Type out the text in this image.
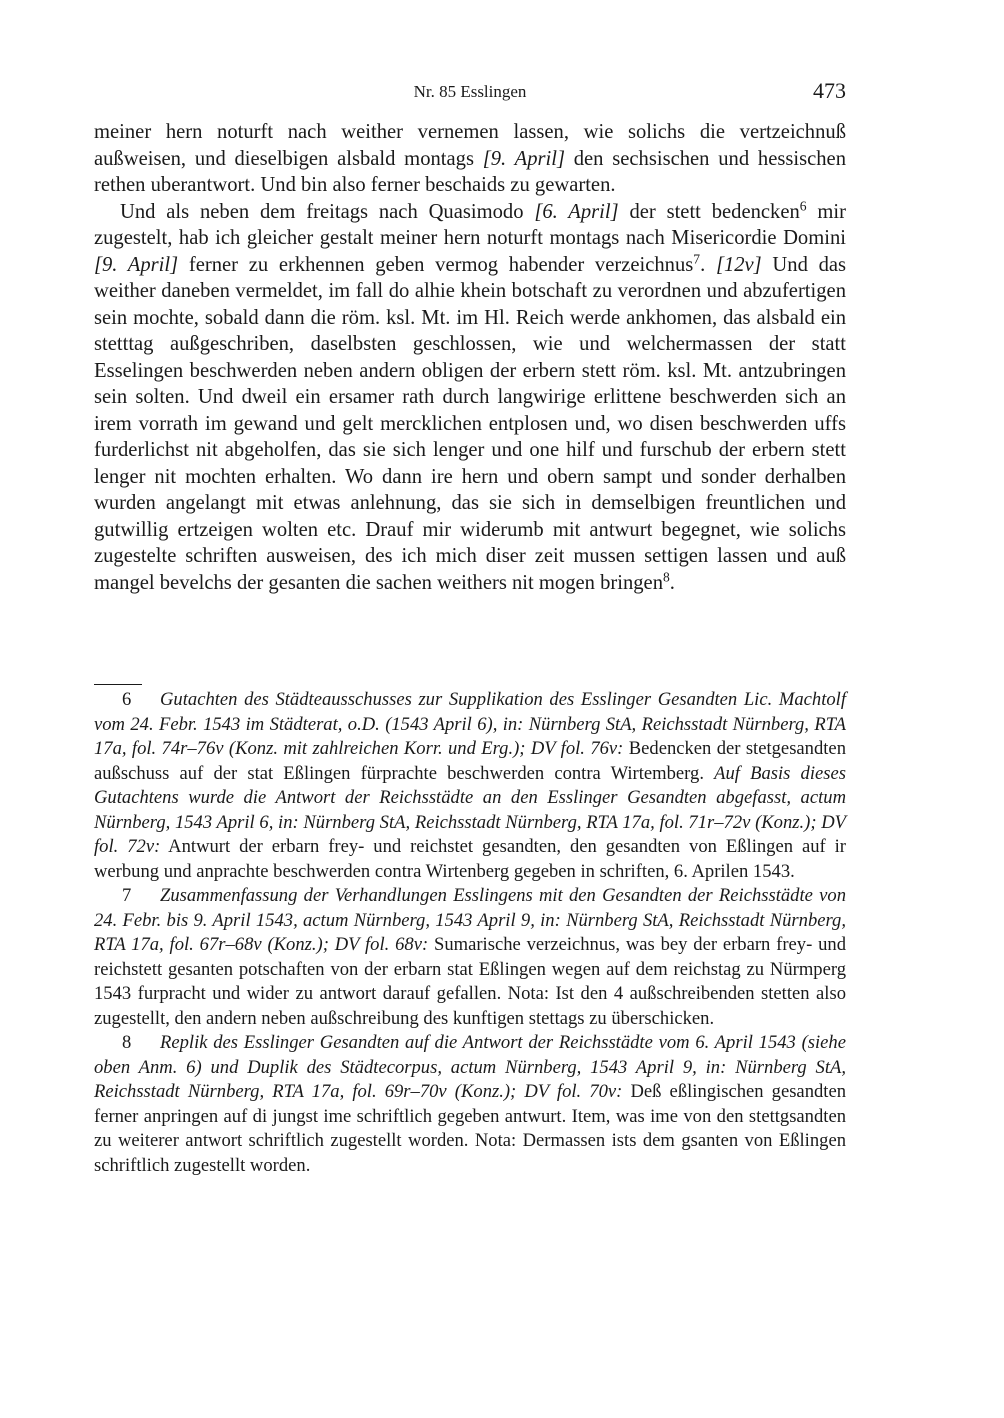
Nr. 85 Esslingen	473

meiner hern noturft nach weither vernemen lassen, wie solichs die vertzeichnuß außweisen, und dieselbigen alsbald montags [9. April] den sechsischen und hessischen rethen uberantwort. Und bin also ferner beschaids zu gewarten.

Und als neben dem freitags nach Quasimodo [6. April] der stett bedencken$^6$ mir zugestelt, hab ich gleicher gestalt meiner hern noturft montags nach Misericordie Domini [9. April] ferner zu erkhennen geben vermog habender verzeichnus$^7$. [12v] Und das weither daneben vermeldet, im fall do alhie khein botschaft zu verordnen und abzufertigen sein mochte, sobald dann die röm. ksl. Mt. im Hl. Reich werde ankhomen, das alsbald ein stetttag außgeschriben, daselbsten geschlossen, wie und welchermassen der statt Esselingen beschwerden neben andern obligen der erbern stett röm. ksl. Mt. antzubringen sein solten. Und dweil ein ersamer rath durch langwirige erlittene beschwerden sich an irem vorrath im gewand und gelt mercklichen entplosen und, wo disen beschwerden uffs furderlichst nit abgeholfen, das sie sich lenger und one hilf und furschub der erbern stett lenger nit mochten erhalten. Wo dann ire hern und obern sampt und sonder derhalben wurden angelangt mit etwas anlehnung, das sie sich in demselbigen freuntlichen und gutwillig ertzeigen wolten etc. Drauf mir widerumb mit antwurt begegnet, wie solichs zugestelte schriften ausweisen, des ich mich diser zeit mussen settigen lassen und auß mangel bevelchs der gesanten die sachen weithers nit mogen bringen$^8$.

6 Gutachten des Städteausschusses zur Supplikation des Esslinger Gesandten Lic. Machtolf vom 24. Febr. 1543 im Städterat, o.D. (1543 April 6), in: Nürnberg StA, Reichsstadt Nürnberg, RTA 17a, fol. 74r–76v (Konz. mit zahlreichen Korr. und Erg.); DV fol. 76v: Bedencken der stetgesandten außschuss auf der stat Eßlingen fürprachte beschwerden contra Wirtemberg. Auf Basis dieses Gutachtens wurde die Antwort der Reichsstädte an den Esslinger Gesandten abgefasst, actum Nürnberg, 1543 April 6, in: Nürnberg StA, Reichsstadt Nürnberg, RTA 17a, fol. 71r–72v (Konz.); DV fol. 72v: Antwurt der erbarn frey- und reichstet gesandten, den gesandten von Eßlingen auf ir werbung und anprachte beschwerden contra Wirtenberg gegeben in schriften, 6. Aprilen 1543.

7 Zusammenfassung der Verhandlungen Esslingens mit den Gesandten der Reichsstädte von 24. Febr. bis 9. April 1543, actum Nürnberg, 1543 April 9, in: Nürnberg StA, Reichsstadt Nürnberg, RTA 17a, fol. 67r–68v (Konz.); DV fol. 68v: Sumarische verzeichnus, was bey der erbarn frey- und reichstett gesanten potschaften von der erbarn stat Eßlingen wegen auf dem reichstag zu Nürmperg 1543 furpracht und wider zu antwort darauf gefallen. Nota: Ist den 4 außschreibenden stetten also zugestellt, den andern neben außschreibung des kunftigen stettags zu überschicken.

8 Replik des Esslinger Gesandten auf die Antwort der Reichsstädte vom 6. April 1543 (siehe oben Anm. 6) und Duplik des Städtecorpus, actum Nürnberg, 1543 April 9, in: Nürnberg StA, Reichsstadt Nürnberg, RTA 17a, fol. 69r–70v (Konz.); DV fol. 70v: Deß eßlingischen gesandten ferner anpringen auf di jungst ime schriftlich gegeben antwurt. Item, was ime von den stettgsandten zu weiterer antwort schriftlich zugestellt worden. Nota: Dermassen ists dem gsanten von Eßlingen schriftlich zugestellt worden.
